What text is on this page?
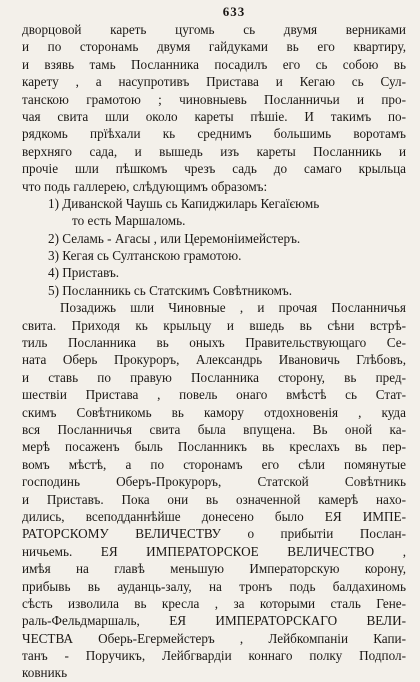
633
дворцовой кареть цугомь сь двумя верниками
и по сторонамь двумя гайдуками вь его квартиру,
и взявь тамь Посланника посадилъ его сь собою вь
карету , а насупротивъ Пристава и Кегаю сь Сул-
танскою грамотою ; чиновныевь Посланничьи и про-
чая свита шли около кареты пѣшіе. И такимъ по-
рядкомь прїѣхали кь среднимъ большимь воротамъ
верхняго сада, и вышедь изъ кареты Посланникь и
прочіе шли пѣшкомъ чрезъ садь до самаго крыльца
что подь галлерею, слѣдующимъ образомъ:
1) Диванской Чаушь сь Капиджиларь Кегаїєюмь
то есть Маршаломь.
2) Селамь - Агасы , или Церемоніимейстеръ.
3) Кегая сь Султанскою грамотою.
4) Приставъ.
5) Посланникь сь Статскимъ Совѣтникомъ.
Позадижь шли Чиновные , и прочая Посланничья
свита. Приходя кь крыльцу и вшедь вь сѣни встрѣ-
тиль Посланника вь оныхъ Правительствующаго Се-
ната Оберь Прокуроръ, Александрь Ивановичь Глѣбовъ,
и ставь по правую Посланника сторону, вь пред-
шествіи Пристава , повель онаго вмѣстѣ сь Стат-
скимъ Совѣтникомь вь камору отдохновенія , куда
вся Посланничья свита была впущена. Вь оной ка-
мерѣ посаженъ быль Посланникъ вь креслахъ вь пер-
вомъ мѣстѣ, а по сторонамъ его сѣли помянутые
господинь Оберъ-Прокуроръ, Статской Совѣтникь
и Приставъ. Пока они вь означенной камерѣ нахо-
дились, всеподданнѣйше донесено было ЕЯ ИМПЕ-
РАТОРСКОМУ ВЕЛИЧЕСТВУ о прибытіи Послан-
ничьемь. ЕЯ ИМПЕРАТОРСКОЕ ВЕЛИЧЕСТВО ,
имѣя на главѣ меньшую Императорскую корону,
прибывь вь ауданць-залу, на тронъ подь балдахиномь
сѣсть изволила вь кресла , за которыми сталь Гене-
раль-Фельдмаршаль, ЕЯ ИМПЕРАТОРСКАГО ВЕЛИ-
ЧЕСТВА Оберь-Егермейстеръ , Лейбкомпаніи Капи-
танъ - Поручикъ, Лейбгвардіи коннаго полку Подпол-
ковникь
